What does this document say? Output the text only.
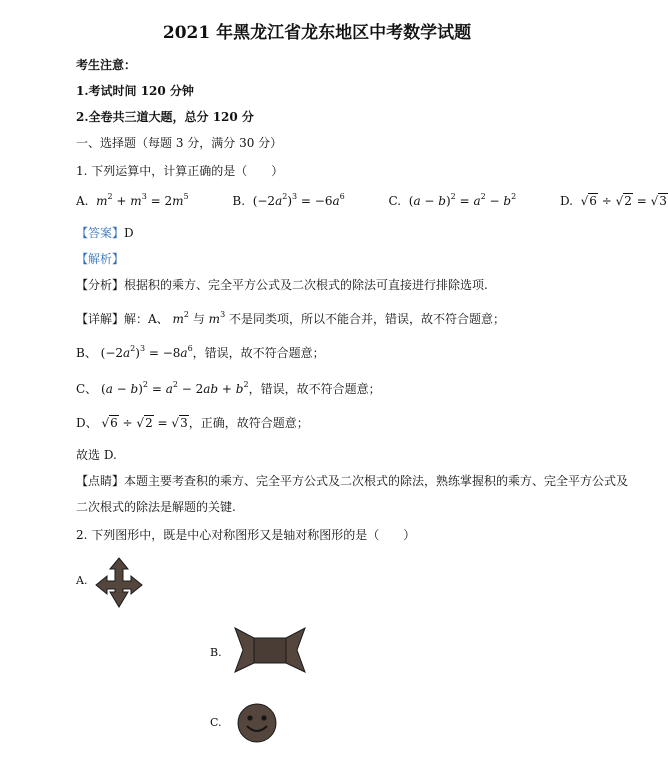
2021 年黑龙江省龙东地区中考数学试题
考生注意：
1.考试时间 120 分钟
2.全卷共三道大题，总分 120 分
一、选择题（每题 3 分，满分 30 分）
1. 下列运算中，计算正确的是（　　）
A. $m^2 + m^3 = 2m^5$	B.  $(-2a^2)^3 = -6a^6$	C.  $(a - b)^2 = a^2 - b^2$	D.  √6 ÷ √2 = √3
【答案】D
【解析】
【分析】根据积的乘方、完全平方公式及二次根式的除法可直接进行排除选项.
【详解】解：A、 $m^2$ 与 $m^3$ 不是同类项，所以不能合并，错误，故不符合题意；
B、 $(-2a^2)^3 = -8a^6$，错误，故不符合题意；
C、 $(a - b)^2 = a^2 - 2ab + b^2$，错误，故不符合题意；
D、 √6 ÷ √2 = √3，正确，故符合题意；
故选 D.
【点睛】本题主要考查积的乘方、完全平方公式及二次根式的除法，熟练掌握积的乘方、完全平方公式及
二次根式的除法是解题的关键.
2. 下列图形中，既是中心对称图形又是轴对称图形的是（　　）
A.
B.
C.
